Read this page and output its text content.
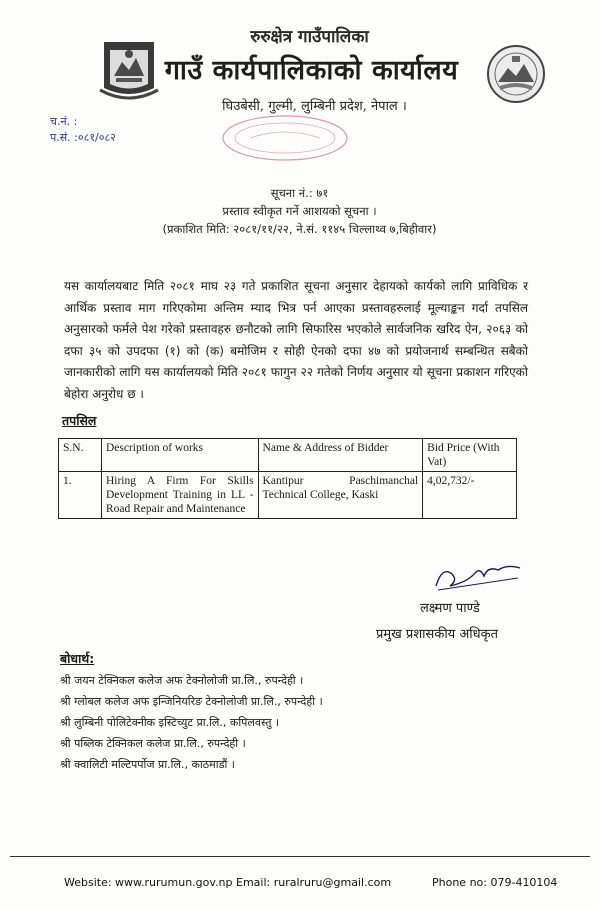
रुरुक्षेत्र गाउँपालिका
गाउँ कार्यपालिकाको कार्यालय
घिउबेसी, गुल्मी, लुम्बिनी प्रदेश, नेपाल ।
च.नं. :
प.सं. :०८१/०८२
सूचना नं.: ७१
प्रस्ताव स्वीकृत गर्ने आशयको सूचना ।
(प्रकाशित मिति: २०८१/११/२२, ने.सं. ११४५ चिल्लाथ्व ७,बिहीवार)
यस कार्यालयबाट मिति २०८१ माघ २३ गते प्रकाशित सूचना अनुसार देहायको कार्यको लागि प्राविधिक र आर्थिक प्रस्ताव माग गरिएकोमा अन्तिम म्याद भित्र पर्न आएका प्रस्तावहरुलाई मूल्याङ्कन गर्दा तपसिल अनुसारको फर्मले पेश गरेको प्रस्तावहरु छनौटको लागि सिफारिस भएकोले सार्वजनिक खरिद ऐन, २०६३ को दफा ३५ को उपदफा (१) को (क) बमोजिम र सोही ऐनको दफा ४७ को प्रयोजनार्थ सम्बन्धित सबैको जानकारीको लागि यस कार्यालयको मिति २०८१ फागुन २२ गतेको निर्णय अनुसार यो सूचना प्रकाशन गरिएको बेहोरा अनुरोध छ ।
तपसिल
S.N.	Description of works	Name & Address of Bidder	Bid Price (With Vat)
1.	Hiring A Firm For Skills Development Training in LL -Road Repair and Maintenance	Kantipur Paschimanchal Technical College, Kaski	4,02,732/-
लक्ष्मण पाण्डे
प्रमुख प्रशासकीय अधिकृत
बोधार्थ:
श्री जयन टेक्निकल कलेज अफ टेक्नोलोजी प्रा.लि., रुपन्देही ।
श्री ग्लोबल कलेज अफ इन्जिनियरिङ टेक्नोलोजी प्रा.लि., रुपन्देही ।
श्री लुम्बिनी पोलिटेक्नीक इस्टिच्युट प्रा.लि., कपिलवस्तु ।
श्री पब्लिक टेक्निकल कलेज प्रा.लि., रुपन्देही ।
श्री क्वालिटी मल्टिपर्पोज प्रा.लि., काठमाडौं ।
Website: www.rurumun.gov.np Email: ruralruru@gmail.com	Phone no: 079-410104
